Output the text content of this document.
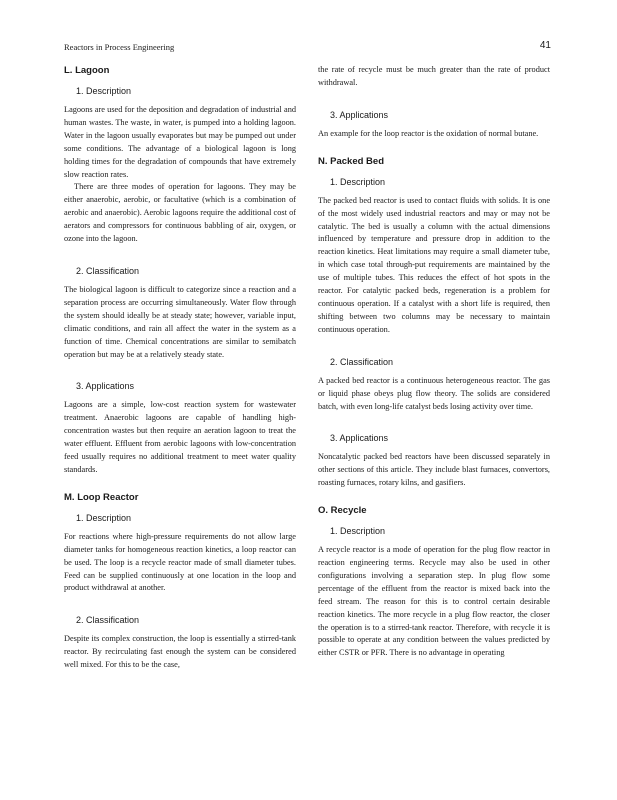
Reactors in Process Engineering	41
L. Lagoon
1. Description

Lagoons are used for the deposition and degradation of industrial and human wastes. The waste, in water, is pumped into a holding lagoon. Water in the lagoon usually evaporates but may be pumped out under some conditions. The advantage of a biological lagoon is long holding times for the degradation of compounds that have extremely slow reaction rates.

There are three modes of operation for lagoons. They may be either anaerobic, aerobic, or facultative (which is a combination of aerobic and anaerobic). Aerobic lagoons require the additional cost of aerators and compressors for continuous babbling of air, oxygen, or ozone into the lagoon.

2. Classification

The biological lagoon is difficult to categorize since a reaction and a separation process are occurring simultaneously. Water flow through the system should ideally be at steady state; however, variable input, climatic conditions, and rain all affect the water in the system as a function of time. Chemical concentrations are similar to semibatch operation but may be at a relatively steady state.

3. Applications

Lagoons are a simple, low-cost reaction system for wastewater treatment. Anaerobic lagoons are capable of handling high-concentration wastes but then require an aeration lagoon to treat the water effluent. Effluent from aerobic lagoons with low-concentration feed usually requires no additional treatment to meet water quality standards.

M. Loop Reactor
1. Description

For reactions where high-pressure requirements do not allow large diameter tanks for homogeneous reaction kinetics, a loop reactor can be used. The loop is a recycle reactor made of small diameter tubes. Feed can be supplied continuously at one location in the loop and product withdrawal at another.

2. Classification

Despite its complex construction, the loop is essentially a stirred-tank reactor. By recirculating fast enough the system can be considered well mixed. For this to be the case,

the rate of recycle must be much greater than the rate of product withdrawal.

3. Applications

An example for the loop reactor is the oxidation of normal butane.

N. Packed Bed
1. Description

The packed bed reactor is used to contact fluids with solids. It is one of the most widely used industrial reactors and may or may not be catalytic. The bed is usually a column with the actual dimensions influenced by temperature and pressure drop in addition to the reaction kinetics. Heat limitations may require a small diameter tube, in which case total through-put requirements are maintained by the use of multiple tubes. This reduces the effect of hot spots in the reactor. For catalytic packed beds, regeneration is a problem for continuous operation. If a catalyst with a short life is required, then shifting between two columns may be necessary to maintain continuous operation.

2. Classification

A packed bed reactor is a continuous heterogeneous reactor. The gas or liquid phase obeys plug flow theory. The solids are considered batch, with even long-life catalyst beds losing activity over time.

3. Applications

Noncatalytic packed bed reactors have been discussed separately in other sections of this article. They include blast furnaces, convertors, roasting furnaces, rotary kilns, and gasifiers.

O. Recycle
1. Description

A recycle reactor is a mode of operation for the plug flow reactor in reaction engineering terms. Recycle may also be used in other configurations involving a separation step. In plug flow some percentage of the effluent from the reactor is mixed back into the feed stream. The reason for this is to control certain desirable reaction kinetics. The more recycle in a plug flow reactor, the closer the operation is to a stirred-tank reactor. Therefore, with recycle it is possible to operate at any condition between the values predicted by either CSTR or PFR. There is no advantage in operating
